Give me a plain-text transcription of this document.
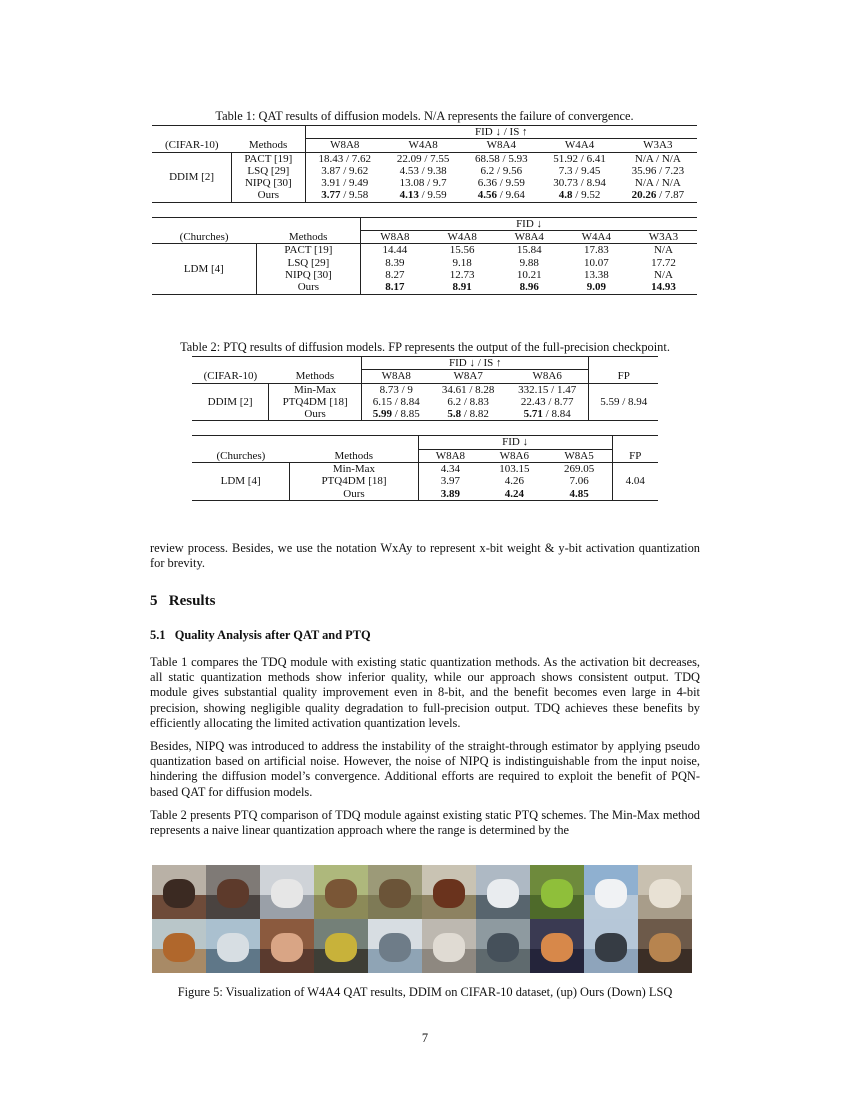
Table 1: QAT results of diffusion models. N/A represents the failure of convergence.
		FID ↓ / IS ↑				
(CIFAR-10)	Methods	W8A8	W4A8	W8A4	W4A4	W3A3
DDIM [2]	PACT [19]	18.43 / 7.62	22.09 / 7.55	68.58 / 5.93	51.92 / 6.41	N/A / N/A
	LSQ [29]	3.87 / 9.62	4.53 / 9.38	6.2 / 9.56	7.3 / 9.45	35.96 / 7.23
	NIPQ [30]	3.91 / 9.49	13.08 / 9.7	6.36 / 9.59	30.73 / 8.94	N/A / N/A
	Ours	3.77 / 9.58	4.13 / 9.59	4.56 / 9.64	4.8 / 9.52	20.26 / 7.87
		FID ↓				
(Churches)	Methods	W8A8	W4A8	W8A4	W4A4	W3A3
LDM [4]	PACT [19]	14.44	15.56	15.84	17.83	N/A
	LSQ [29]	8.39	9.18	9.88	10.07	17.72
	NIPQ [30]	8.27	12.73	10.21	13.38	N/A
	Ours	8.17	8.91	8.96	9.09	14.93
Table 2: PTQ results of diffusion models. FP represents the output of the full-precision checkpoint.
		FID ↓ / IS ↑			
(CIFAR-10)	Methods	W8A8	W8A7	W8A6	FP
DDIM [2]	Min-Max	8.73 / 9	34.61 / 8.28	332.15 / 1.47	5.59 / 8.94
	PTQ4DM [18]	6.15 / 8.84	6.2 / 8.83	22.43 / 8.77	
	Ours	5.99 / 8.85	5.8 / 8.82	5.71 / 8.84	
		FID ↓			
(Churches)	Methods	W8A8	W8A6	W8A5	FP
LDM [4]	Min-Max	4.34	103.15	269.05	4.04
	PTQ4DM [18]	3.97	4.26	7.06	
	Ours	3.89	4.24	4.85	
review process. Besides, we use the notation WxAy to represent x-bit weight & y-bit activation quantization for brevity.
5   Results
5.1   Quality Analysis after QAT and PTQ
Table 1 compares the TDQ module with existing static quantization methods. As the activation bit decreases, all static quantization methods show inferior quality, while our approach shows consistent output. TDQ module gives substantial quality improvement even in 8-bit, and the benefit becomes even large in 4-bit precision, showing negligible quality degradation to full-precision output. TDQ achieves these benefits by efficiently allocating the limited activation quantization levels.
Besides, NIPQ was introduced to address the instability of the straight-through estimator by applying pseudo quantization based on artificial noise. However, the noise of NIPQ is indistinguishable from the input noise, hindering the diffusion model’s convergence. Additional efforts are required to exploit the benefit of PQN-based QAT for diffusion models.
Table 2 presents PTQ comparison of TDQ module against existing static PTQ schemes. The Min-Max method represents a naive linear quantization approach where the range is determined by the
Figure 5: Visualization of W4A4 QAT results, DDIM on CIFAR-10 dataset, (up) Ours (Down) LSQ
7
